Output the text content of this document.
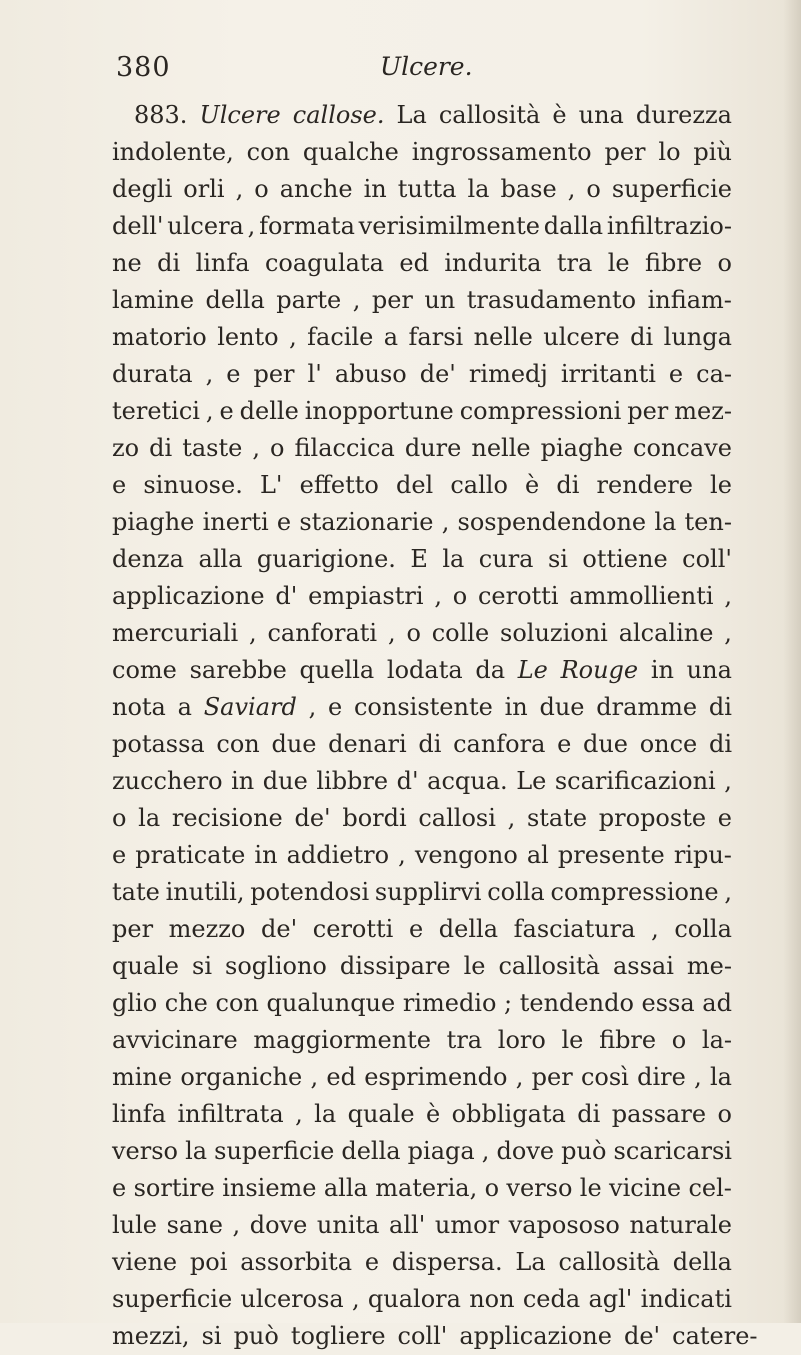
380	Ulcere.
883. Ulcere callose. La callosità è una durezza
indolente, con qualche ingrossamento per lo più
degli orli , o anche in tutta la base , o superficie
dell' ulcera , formata verisimilmente dalla infiltrazio-
ne di linfa coagulata ed indurita tra le fibre o
lamine della parte , per un trasudamento infiam-
matorio lento , facile a farsi nelle ulcere di lunga
durata , e per l' abuso de' rimedj irritanti e ca-
teretici , e delle inopportune compressioni per mez-
zo di taste , o filaccica dure nelle piaghe concave
e sinuose. L' effetto del callo è di rendere le
piaghe inerti e stazionarie , sospendendone la ten-
denza alla guarigione. E la cura si ottiene coll'
applicazione d' empiastri , o cerotti ammollienti ,
mercuriali , canforati , o colle soluzioni alcaline ,
come sarebbe quella lodata da Le Rouge in una
nota a Saviard , e consistente in due dramme di
potassa con due denari di canfora e due once di
zucchero in due libbre d' acqua. Le scarificazioni ,
o la recisione de' bordi callosi , state proposte e
e praticate in addietro , vengono al presente ripu-
tate inutili, potendosi supplirvi colla compressione ,
per mezzo de' cerotti e della fasciatura , colla
quale si sogliono dissipare le callosità assai me-
glio che con qualunque rimedio ; tendendo essa ad
avvicinare maggiormente tra loro le fibre o la-
mine organiche , ed esprimendo , per così dire , la
linfa infiltrata , la quale è obbligata di passare o
verso la superficie della piaga , dove può scaricarsi
e sortire insieme alla materia, o verso le vicine cel-
lule sane , dove unita all' umor vapososo naturale
viene poi assorbita e dispersa. La callosità della
superficie ulcerosa , qualora non ceda agl' indicati
mezzi, si può togliere coll' applicazione de' catere-
